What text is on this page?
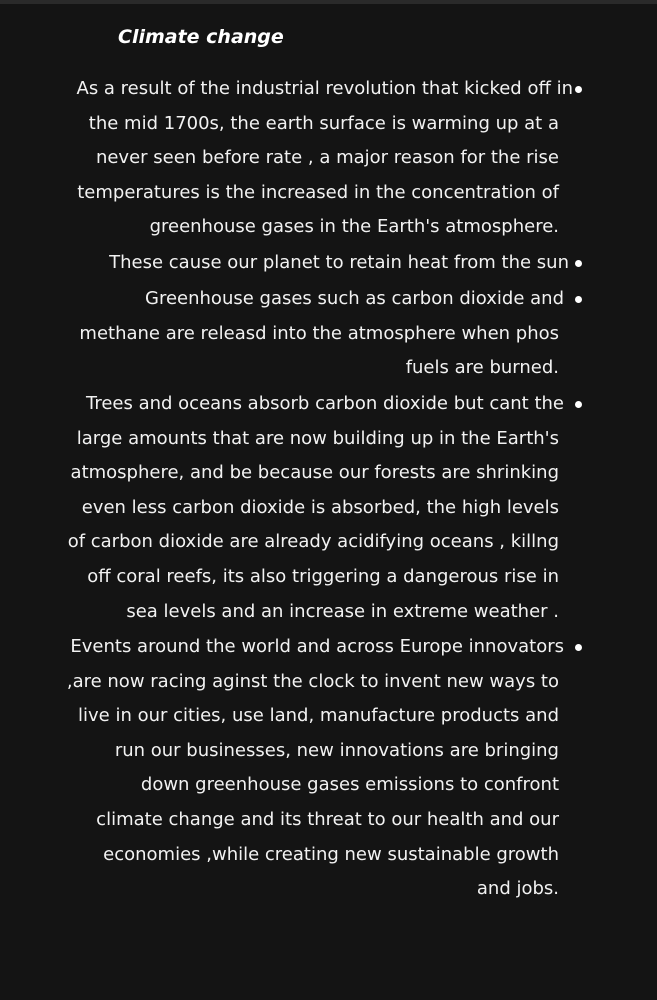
Climate change
As a result of the industrial revolution that kicked off in
the mid 1700s, the earth surface is warming up at a
never seen before rate , a major reason for the rise
temperatures is the increased in the concentration of
greenhouse gases in the Earth's atmosphere.
These cause our planet to retain heat from the sun
Greenhouse gases such as carbon dioxide and
methane are releasd into the atmosphere when phos
fuels are burned.
Trees and oceans absorb carbon dioxide but cant the
large amounts that are now building up in the Earth's
atmosphere, and be because our forests are shrinking
even less carbon dioxide is absorbed, the high levels
of carbon dioxide are already acidifying oceans , killng
off coral reefs, its also triggering a dangerous rise in
sea levels and an increase in extreme weather .
Events around the world and across Europe innovators
,are now racing aginst the clock to invent new ways to
live in our cities, use land, manufacture products and
run our businesses, new innovations are bringing
down greenhouse gases emissions to confront
climate change and its threat to our health and our
economies ,while creating new sustainable growth
and jobs.
